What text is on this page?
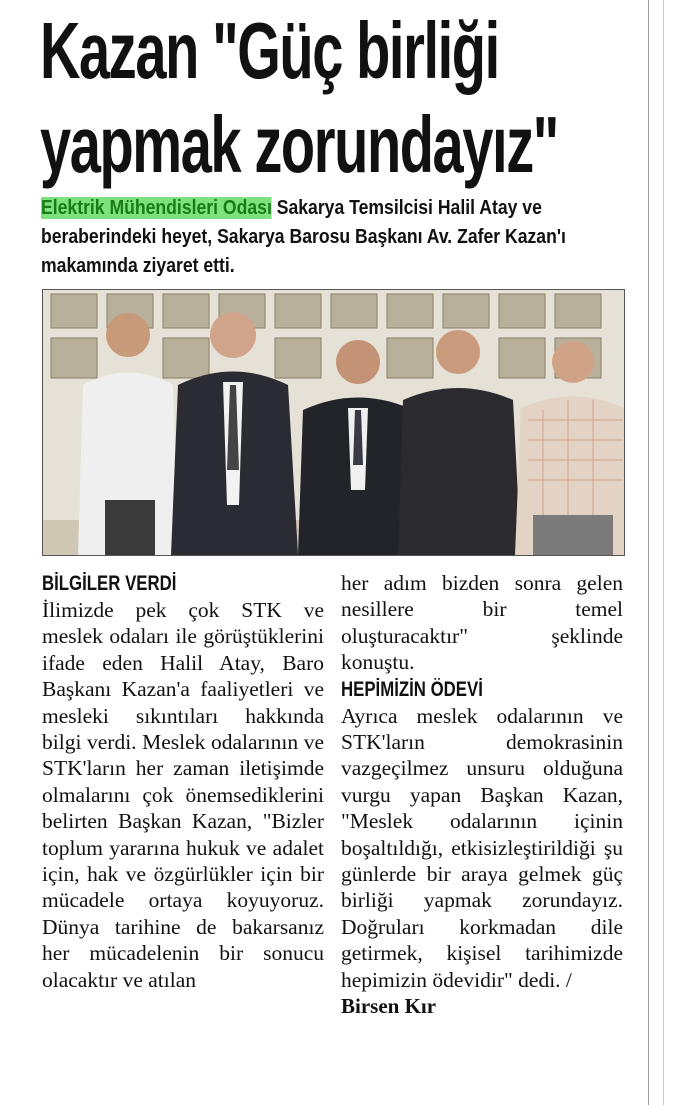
Kazan "Güç birliği
yapmak zorundayız"

Elektrik Mühendisleri Odası Sakarya Temsilcisi Halil Atay ve beraberindeki heyet, Sakarya Barosu Başkanı Av. Zafer Kazan'ı makamında ziyaret etti.

BİLGİLER VERDİ

İlimizde pek çok STK ve meslek odaları ile görüştüklerini ifade eden Halil Atay, Baro Başkanı Kazan'a faaliyetleri ve mesleki sıkıntıları hakkında bilgi verdi. Meslek odalarının ve STK'ların her zaman iletişimde olmalarını çok önemsediklerini belirten Başkan Kazan, "Bizler toplum yararına hukuk ve adalet için, hak ve özgürlükler için bir mücadele ortaya koyuyoruz. Dünya tarihine de bakarsanız her mücadelenin bir sonucu olacaktır ve atılan

her adım bizden sonra gelen nesillere bir temel oluşturacaktır" şeklinde konuştu.

HEPİMİZİN ÖDEVİ

Ayrıca meslek odalarının ve STK'ların demokrasinin vazgeçilmez unsuru olduğuna vurgu yapan Başkan Kazan, "Meslek odalarının içinin boşaltıldığı, etkisizleştirildiği şu günlerde bir araya gelmek güç birliği yapmak zorundayız. Doğruları korkmadan dile getirmek, kişisel tarihimizde hepimizin ödevidir" dedi. /

Birsen Kır
